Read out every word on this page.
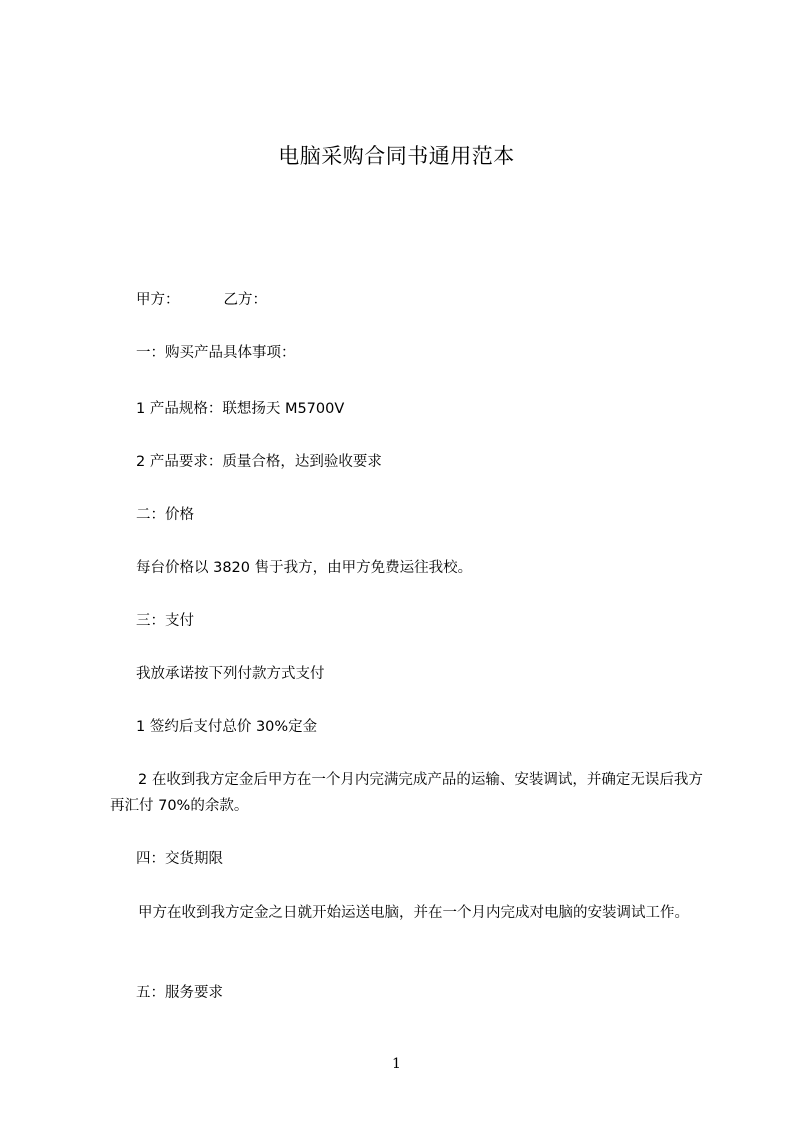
电脑采购合同书通用范本
甲方：	乙方：
一：购买产品具体事项：
1 产品规格：联想扬天 M5700V
2 产品要求：质量合格，达到验收要求
二：价格
每台价格以 3820 售于我方，由甲方免费运往我校。
三：支付
我放承诺按下列付款方式支付
1 签约后支付总价 30%定金
2 在收到我方定金后甲方在一个月内完满完成产品的运输、安装调试，并确定无误后我方再汇付 70%的余款。
四：交货期限
甲方在收到我方定金之日就开始运送电脑，并在一个月内完成对电脑的安装调试工作。
五：服务要求
1
